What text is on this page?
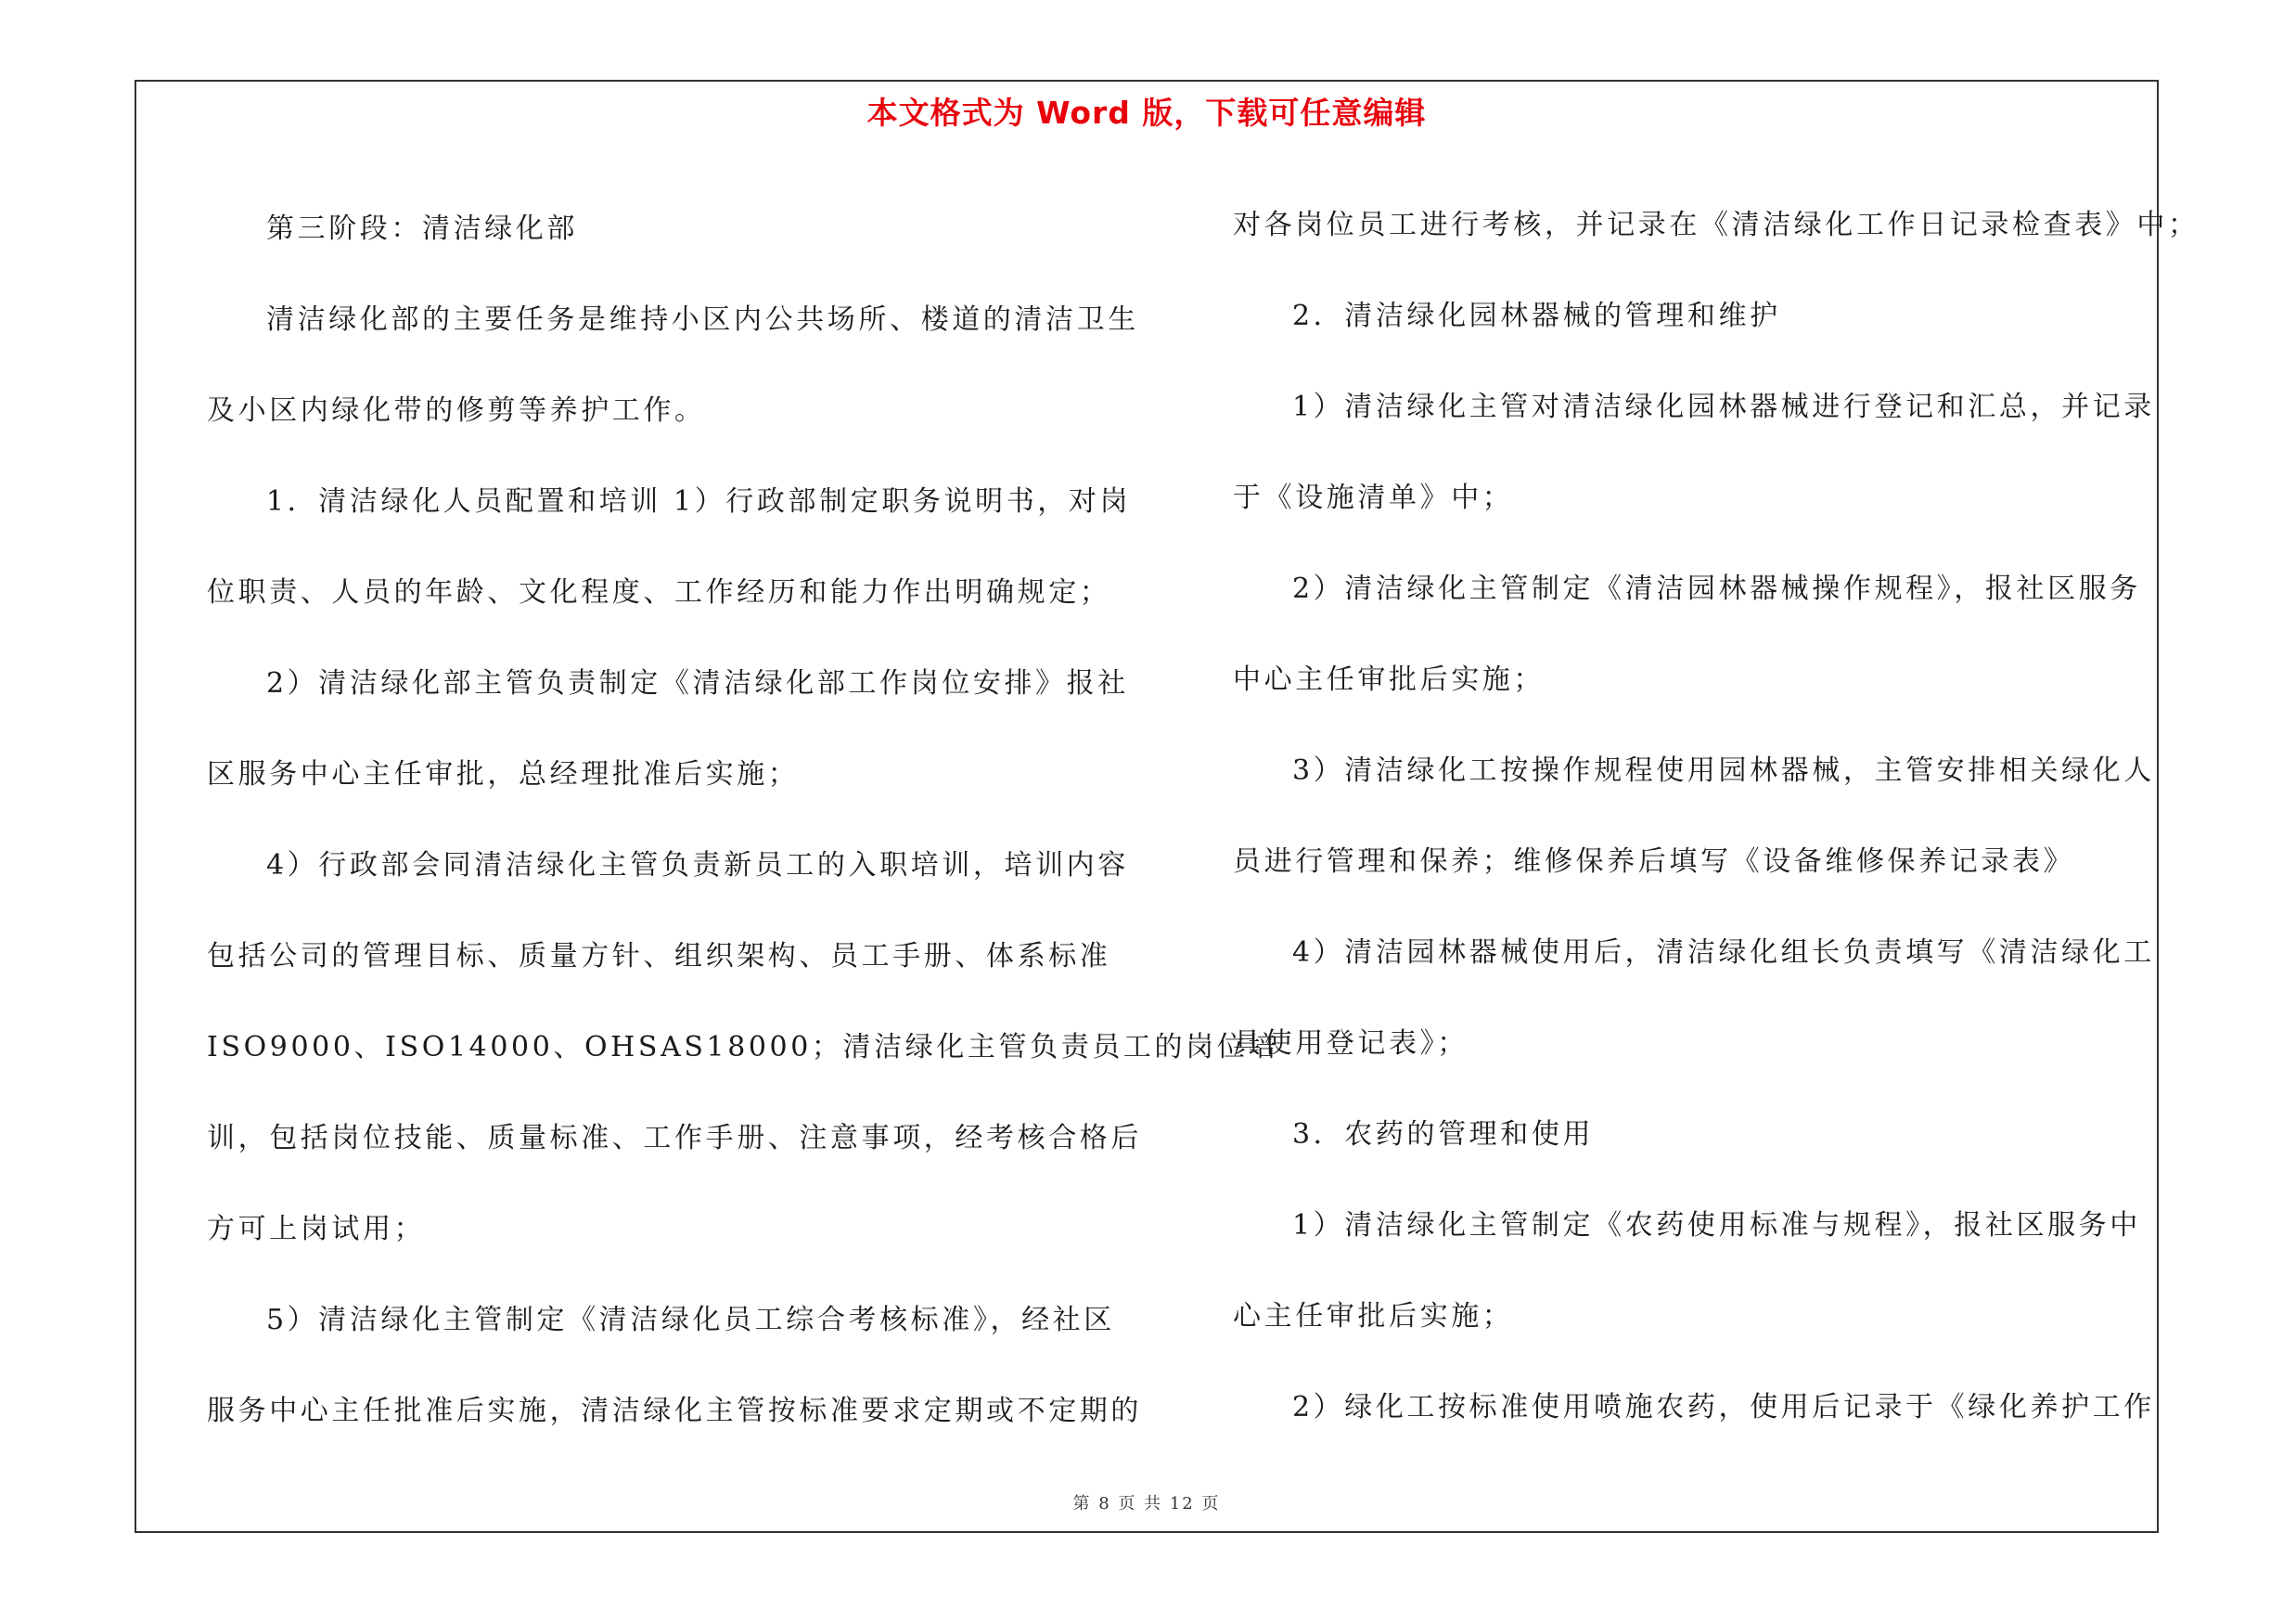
本文格式为 Word 版，下载可任意编辑

第三阶段：清洁绿化部

清洁绿化部的主要任务是维持小区内公共场所、楼道的清洁卫生

及小区内绿化带的修剪等养护工作。

1．清洁绿化人员配置和培训 1）行政部制定职务说明书，对岗

位职责、人员的年龄、文化程度、工作经历和能力作出明确规定；

2）清洁绿化部主管负责制定《清洁绿化部工作岗位安排》报社

区服务中心主任审批，总经理批准后实施；

4）行政部会同清洁绿化主管负责新员工的入职培训，培训内容

包括公司的管理目标、质量方针、组织架构、员工手册、体系标准

ISO9000、ISO14000、OHSAS18000；清洁绿化主管负责员工的岗位培

训，包括岗位技能、质量标准、工作手册、注意事项，经考核合格后

方可上岗试用；

5）清洁绿化主管制定《清洁绿化员工综合考核标准》，经社区

服务中心主任批准后实施，清洁绿化主管按标准要求定期或不定期的

对各岗位员工进行考核，并记录在《清洁绿化工作日记录检查表》中；

2．清洁绿化园林器械的管理和维护

1）清洁绿化主管对清洁绿化园林器械进行登记和汇总，并记录

于《设施清单》中；

2）清洁绿化主管制定《清洁园林器械操作规程》，报社区服务

中心主任审批后实施；

3）清洁绿化工按操作规程使用园林器械，主管安排相关绿化人

员进行管理和保养；维修保养后填写《设备维修保养记录表》

4）清洁园林器械使用后，清洁绿化组长负责填写《清洁绿化工

具使用登记表》；

3．农药的管理和使用

1）清洁绿化主管制定《农药使用标准与规程》，报社区服务中

心主任审批后实施；

2）绿化工按标准使用喷施农药，使用后记录于《绿化养护工作

第 8 页 共 12 页
